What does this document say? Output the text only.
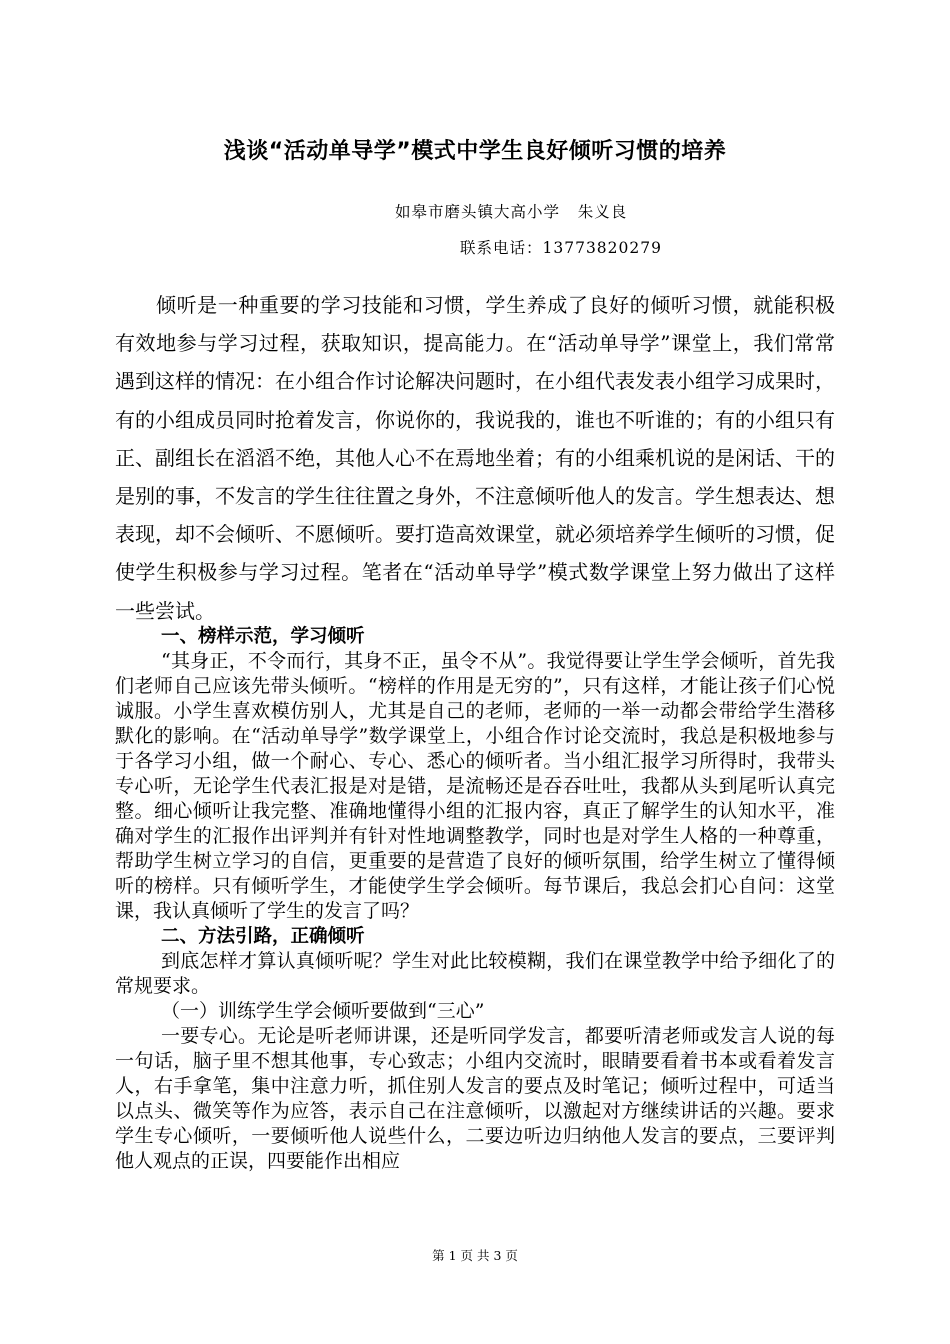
浅谈“活动单导学”模式中学生良好倾听习惯的培养
如皋市磨头镇大高小学   朱义良
联系电话：13773820279

倾听是一种重要的学习技能和习惯，学生养成了良好的倾听习惯，就能积极有效地参与学习过程，获取知识，提高能力。在“活动单导学”课堂上，我们常常遇到这样的情况：在小组合作讨论解决问题时，在小组代表发表小组学习成果时， 有的小组成员同时抢着发言，你说你的，我说我的，谁也不听谁的；有的小组只有正、副组长在滔滔不绝，其他人心不在焉地坐着；有的小组乘机说的是闲话、干的是别的事，不发言的学生往往置之身外，不注意倾听他人的发言。学生想表达、想表现，却不会倾听、不愿倾听。要打造高效课堂，就必须培养学生倾听的习惯，促使学生积极参与学习过程。笔者在“活动单导学”模式数学课堂上努力做出了这样一些尝试。

一、榜样示范，学习倾听

“其身正，不令而行，其身不正，虽令不从”。我觉得要让学生学会倾听，首先我们老师自己应该先带头倾听。“榜样的作用是无穷的”，只有这样，才能让孩子们心悦诚服。小学生喜欢模仿别人，尤其是自己的老师，老师的一举一动都会带给学生潜移默化的影响。在“活动单导学”数学课堂上，小组合作讨论交流时，我总是积极地参与于各学习小组，做一个耐心、专心、悉心的倾听者。当小组汇报学习所得时，我带头专心听，无论学生代表汇报是对是错，是流畅还是吞吞吐吐，我都从头到尾听认真完整。细心倾听让我完整、准确地懂得小组的汇报内容，真正了解学生的认知水平，准确对学生的汇报作出评判并有针对性地调整教学，同时也是对学生人格的一种尊重，帮助学生树立学习的自信，更重要的是营造了良好的倾听氛围，给学生树立了懂得倾听的榜样。只有倾听学生，才能使学生学会倾听。每节课后，我总会扪心自问：这堂课，我认真倾听了学生的发言了吗？

二、方法引路，正确倾听

到底怎样才算认真倾听呢？学生对此比较模糊，我们在课堂教学中给予细化了的常规要求。

（一）训练学生学会倾听要做到“三心”

一要专心。无论是听老师讲课，还是听同学发言，都要听清老师或发言人说的每一句话，脑子里不想其他事，专心致志；小组内交流时，眼睛要看着书本或看着发言人，右手拿笔，集中注意力听，抓住别人发言的要点及时笔记；倾听过程中，可适当以点头、微笑等作为应答，表示自己在注意倾听，以激起对方继续讲话的兴趣。要求学生专心倾听，一要倾听他人说些什么，二要边听边归纳他人发言的要点，三要评判他人观点的正误，四要能作出相应

第 1 页 共 3 页
